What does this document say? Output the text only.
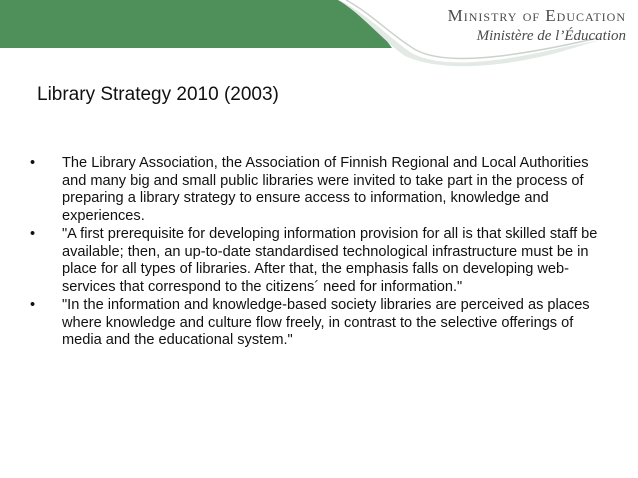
Ministry of Education
Ministère de l’Éducation
Library Strategy 2010 (2003)
• The Library Association, the Association of Finnish Regional and Local Authorities and many big and small public libraries were invited to take part in the process of preparing a library strategy to ensure access to information, knowledge and experiences.
• "A first prerequisite for developing information provision for all is that skilled staff be available; then, an up-to-date standardised technological infrastructure must be in place for all types of libraries. After that, the emphasis falls on developing web-services that correspond to the citizens´ need for information."
• "In the information and knowledge-based society libraries are perceived as places where knowledge and culture flow freely, in contrast to the selective offerings of media and the educational system."
